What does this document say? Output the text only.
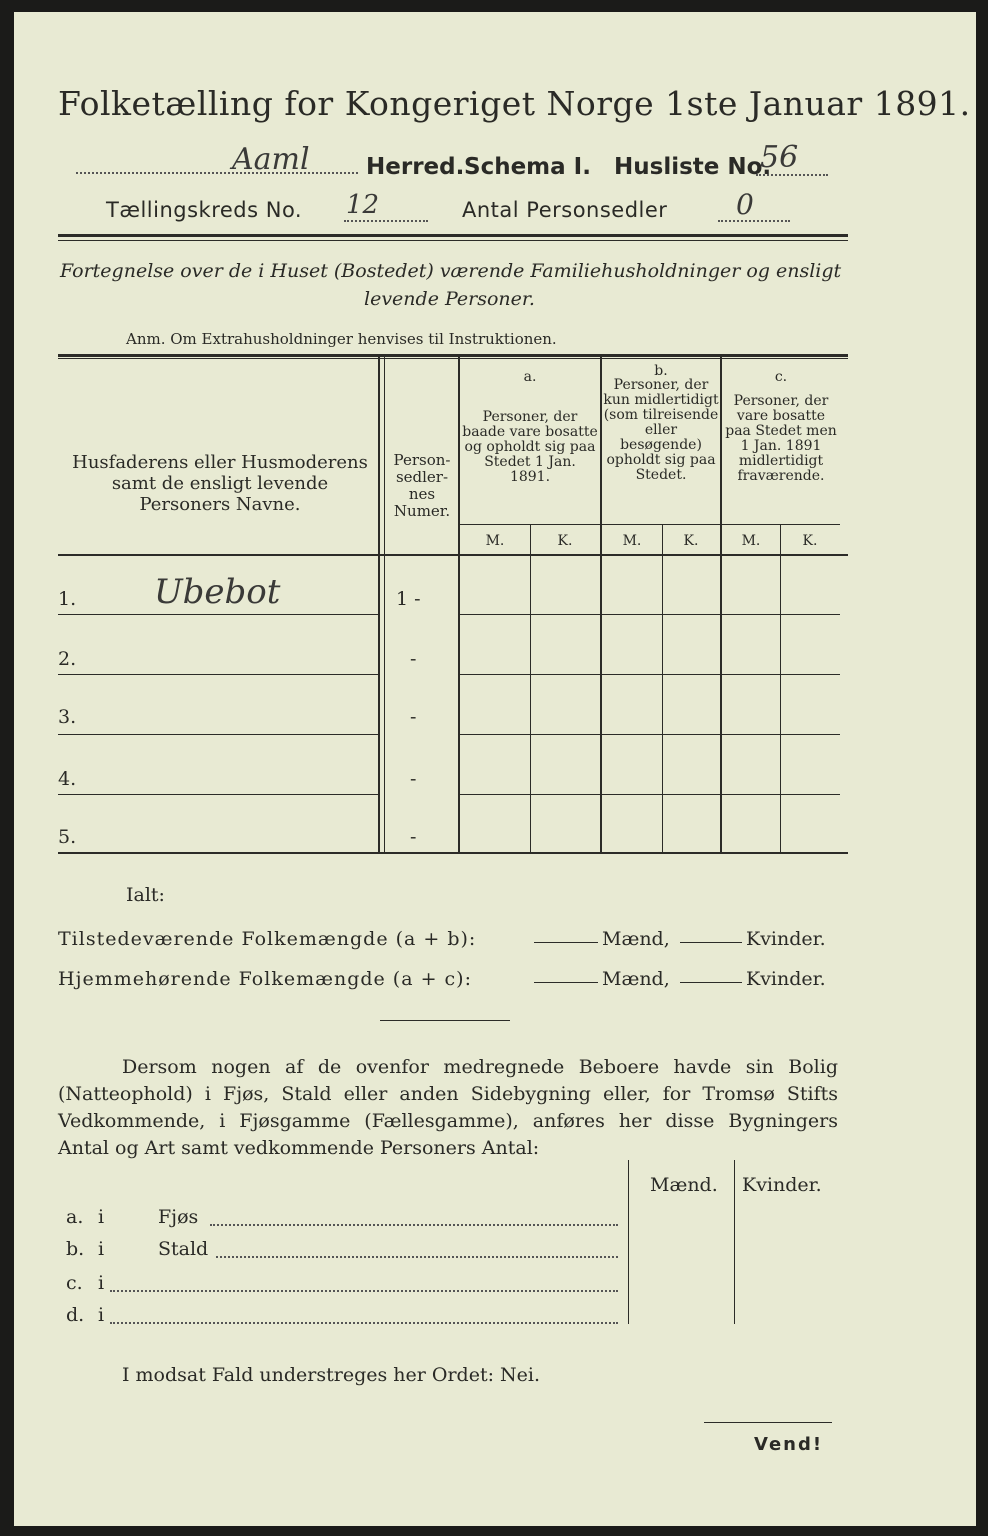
Folketælling for Kongeriget Norge 1ste Januar 1891.
Aaml Herred. Schema I. Husliste No.
56
Tællingskreds No. 12	Antal Personsedler 0
Fortegnelse over de i Huset (Bostedet) værende Familiehusholdninger og ensligt
levende Personer.
Anm. Om Extrahusholdninger henvises til Instruktionen.
Husfaderens eller Husmoderens samt de ensligt levende Personers Navne.
Person-sedler-nes Numer.
a.
Personer, der baade vare bosatte og opholdt sig paa Stedet 1 Jan. 1891.
b.
Personer, der kun midlertidigt (som tilreisende eller besøgende) opholdt sig paa Stedet.
c.
Personer, der vare bosatte paa Stedet men 1 Jan. 1891 midlertidigt fraværende.
M.	K.	M.	K.	M.	K.
1. Ubebot	1 -
2.	-
3.	-
4.	-
5.	-
Ialt:
Tilstedeværende Folkemængde (a + b):	Mænd,	Kvinder.
Hjemmehørende Folkemængde (a + c):	Mænd,	Kvinder.
Dersom nogen af de ovenfor medregnede Beboere havde sin Bolig (Natteophold) i Fjøs, Stald eller anden Sidebygning eller, for Tromsø Stifts Vedkommende, i Fjøsgamme (Fællesgamme), anføres her disse Bygningers Antal og Art samt vedkommende Personers Antal:
Mænd. Kvinder.
a. i	Fjøs
b. i	Stald
c. i
d. i
I modsat Fald understreges her Ordet: Nei.
Vend!
